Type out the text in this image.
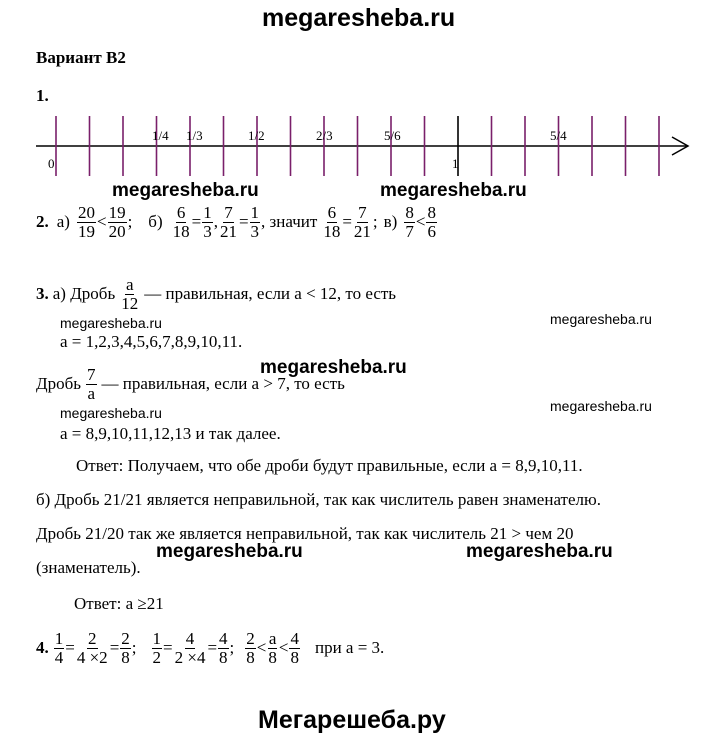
megaresheba.ru
Вариант В2
1.
1/4 1/3	1/2	2/3	5/6	5/4
0	1
megaresheba.ru	megaresheba.ru
2. $а) \frac{20}{19} < \frac{19}{20}$ ; $б) \frac{6}{18} = \frac{1}{3}$ , $\frac{7}{21} = \frac{1}{3}$ , значит $\frac{6}{18} = \frac{7}{21}$ ; $в) \frac{8}{7} < \frac{8}{6}$
3. а) Дробь $\frac{a}{12}$ — правильная, если а < 12, то есть
megaresheba.ru	megaresheba.ru
а = 1,2,3,4,5,6,7,8,9,10,11.
megaresheba.ru
Дробь $\frac{7}{a}$ — правильная, если а > 7, то есть
megaresheba.ru	megaresheba.ru
а = 8,9,10,11,12,13 и так далее.
Ответ: Получаем, что обе дроби будут правильные, если а = 8,9,10,11.
б) Дробь 21/21 является неправильной, так как числитель равен знаменателю.
Дробь 21/20 так же является неправильной, так как числитель 21 > чем 20
megaresheba.ru	megaresheba.ru
(знаменатель).
Ответ: а ≥21
4. $\frac{1}{4} = \frac{2}{4 \times 2} = \frac{2}{8}$ ; $\frac{1}{2} = \frac{4}{2 \times 4} = \frac{4}{8}$ ; $\frac{2}{8} < \frac{a}{8} < \frac{4}{8}$ при а = 3.
Мегарешеба.ру
